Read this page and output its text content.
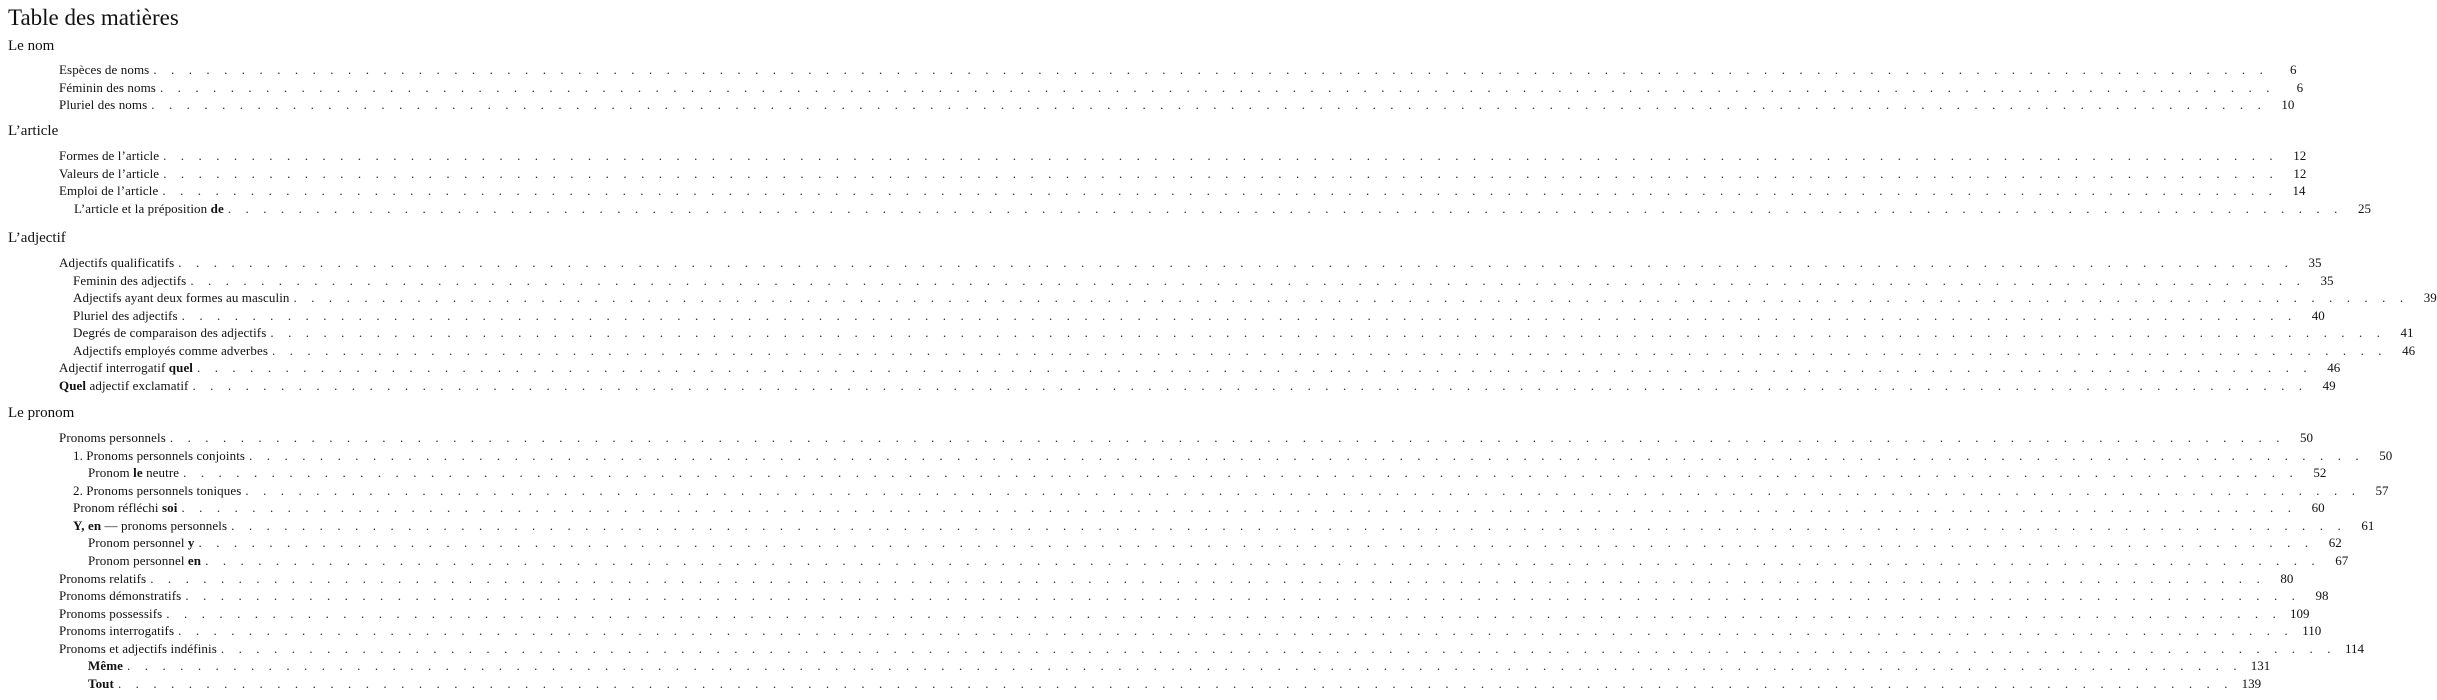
Table des matières
Le nom
Espèces de noms . . . . . . . . . . . . . . . . . . . . . . . . . . . . . . . . . . . . . . . . . . . . . . . . . . . . . . . . . . . . . . . . . . . . . . . . . . . . . . . . . . . . . . . . . . . . . . . . . . . . . . . . . . . . . . . . . . . . . . . .	6
Féminin des noms . . . . . . . . . . . . . . . . . . . . . . . . . . . . . . . . . . . . . . . . . . . . . . . . . . . . . . . . . . . . . . . . . . . . . . . . . . . . . . . . . . . . . . . . . . . . . . . . . . . . . . . . . . . . . . . . . . . . . . . .	6
Pluriel des noms . . . . . . . . . . . . . . . . . . . . . . . . . . . . . . . . . . . . . . . . . . . . . . . . . . . . . . . . . . . . . . . . . . . . . . . . . . . . . . . . . . . . . . . . . . . . . . . . . . . . . . . . . . . . . . . . . . . . . . . .	10
L’article
Formes de l’article . . . . . . . . . . . . . . . . . . . . . . . . . . . . . . . . . . . . . . . . . . . . . . . . . . . . . . . . . . . . . . . . . . . . . . . . . . . . . . . . . . . . . . . . . . . . . . . . . . . . . . . . . . . . . . . . . . . . . . . .	12
Valeurs de l’article . . . . . . . . . . . . . . . . . . . . . . . . . . . . . . . . . . . . . . . . . . . . . . . . . . . . . . . . . . . . . . . . . . . . . . . . . . . . . . . . . . . . . . . . . . . . . . . . . . . . . . . . . . . . . . . . . . . . . . . .	12
Emploi de l’article . . . . . . . . . . . . . . . . . . . . . . . . . . . . . . . . . . . . . . . . . . . . . . . . . . . . . . . . . . . . . . . . . . . . . . . . . . . . . . . . . . . . . . . . . . . . . . . . . . . . . . . . . . . . . . . . . . . . . . . .	14
L’article et la préposition de . . . . . . . . . . . . . . . . . . . . . . . . . . . . . . . . . . . . . . . . . . . . . . . . . . . . . . . . . . . . . . . . . . . . . . . . . . . . . . . . . . . . . . . . . . . . . . . . . . . . . . . . . . . . . . . . . . . . . . . .	25
L’adjectif
Adjectifs qualificatifs . . . . . . . . . . . . . . . . . . . . . . . . . . . . . . . . . . . . . . . . . . . . . . . . . . . . . . . . . . . . . . . . . . . . . . . . . . . . . . . . . . . . . . . . . . . . . . . . . . . . . . . . . . . . . . . . . . . . . . . .	35
Feminin des adjectifs . . . . . . . . . . . . . . . . . . . . . . . . . . . . . . . . . . . . . . . . . . . . . . . . . . . . . . . . . . . . . . . . . . . . . . . . . . . . . . . . . . . . . . . . . . . . . . . . . . . . . . . . . . . . . . . . . . . . . . . .	35
Adjectifs ayant deux formes au masculin . . . . . . . . . . . . . . . . . . . . . . . . . . . . . . . . . . . . . . . . . . . . . . . . . . . . . . . . . . . . . . . . . . . . . . . . . . . . . . . . . . . . . . . . . . . . . . . . . . . . . . . . . . . . . . . . . . . . . . . .	39
Pluriel des adjectifs . . . . . . . . . . . . . . . . . . . . . . . . . . . . . . . . . . . . . . . . . . . . . . . . . . . . . . . . . . . . . . . . . . . . . . . . . . . . . . . . . . . . . . . . . . . . . . . . . . . . . . . . . . . . . . . . . . . . . . . .	40
Degrés de comparaison des adjectifs . . . . . . . . . . . . . . . . . . . . . . . . . . . . . . . . . . . . . . . . . . . . . . . . . . . . . . . . . . . . . . . . . . . . . . . . . . . . . . . . . . . . . . . . . . . . . . . . . . . . . . . . . . . . . . . . . . . . . . . .	41
Adjectifs employés comme adverbes . . . . . . . . . . . . . . . . . . . . . . . . . . . . . . . . . . . . . . . . . . . . . . . . . . . . . . . . . . . . . . . . . . . . . . . . . . . . . . . . . . . . . . . . . . . . . . . . . . . . . . . . . . . . . . . . . . . . . . . .	46
Adjectif interrogatif quel . . . . . . . . . . . . . . . . . . . . . . . . . . . . . . . . . . . . . . . . . . . . . . . . . . . . . . . . . . . . . . . . . . . . . . . . . . . . . . . . . . . . . . . . . . . . . . . . . . . . . . . . . . . . . . . . . . . . . . . .	46
Quel adjectif exclamatif . . . . . . . . . . . . . . . . . . . . . . . . . . . . . . . . . . . . . . . . . . . . . . . . . . . . . . . . . . . . . . . . . . . . . . . . . . . . . . . . . . . . . . . . . . . . . . . . . . . . . . . . . . . . . . . . . . . . . . . .	49
Le pronom
Pronoms personnels . . . . . . . . . . . . . . . . . . . . . . . . . . . . . . . . . . . . . . . . . . . . . . . . . . . . . . . . . . . . . . . . . . . . . . . . . . . . . . . . . . . . . . . . . . . . . . . . . . . . . . . . . . . . . . . . . . . . . . . .	50
1. Pronoms personnels conjoints . . . . . . . . . . . . . . . . . . . . . . . . . . . . . . . . . . . . . . . . . . . . . . . . . . . . . . . . . . . . . . . . . . . . . . . . . . . . . . . . . . . . . . . . . . . . . . . . . . . . . . . . . . . . . . . . . . . . . . . .	50
Pronom le neutre . . . . . . . . . . . . . . . . . . . . . . . . . . . . . . . . . . . . . . . . . . . . . . . . . . . . . . . . . . . . . . . . . . . . . . . . . . . . . . . . . . . . . . . . . . . . . . . . . . . . . . . . . . . . . . . . . . . . . . . .	52
2. Pronoms personnels toniques . . . . . . . . . . . . . . . . . . . . . . . . . . . . . . . . . . . . . . . . . . . . . . . . . . . . . . . . . . . . . . . . . . . . . . . . . . . . . . . . . . . . . . . . . . . . . . . . . . . . . . . . . . . . . . . . . . . . . . . .	57
Pronom réfléchi soi . . . . . . . . . . . . . . . . . . . . . . . . . . . . . . . . . . . . . . . . . . . . . . . . . . . . . . . . . . . . . . . . . . . . . . . . . . . . . . . . . . . . . . . . . . . . . . . . . . . . . . . . . . . . . . . . . . . . . . . .	60
Y, en — pronoms personnels . . . . . . . . . . . . . . . . . . . . . . . . . . . . . . . . . . . . . . . . . . . . . . . . . . . . . . . . . . . . . . . . . . . . . . . . . . . . . . . . . . . . . . . . . . . . . . . . . . . . . . . . . . . . . . . . . . . . . . . .	61
Pronom personnel y . . . . . . . . . . . . . . . . . . . . . . . . . . . . . . . . . . . . . . . . . . . . . . . . . . . . . . . . . . . . . . . . . . . . . . . . . . . . . . . . . . . . . . . . . . . . . . . . . . . . . . . . . . . . . . . . . . . . . . . .	62
Pronom personnel en . . . . . . . . . . . . . . . . . . . . . . . . . . . . . . . . . . . . . . . . . . . . . . . . . . . . . . . . . . . . . . . . . . . . . . . . . . . . . . . . . . . . . . . . . . . . . . . . . . . . . . . . . . . . . . . . . . . . . . . .	67
Pronoms relatifs . . . . . . . . . . . . . . . . . . . . . . . . . . . . . . . . . . . . . . . . . . . . . . . . . . . . . . . . . . . . . . . . . . . . . . . . . . . . . . . . . . . . . . . . . . . . . . . . . . . . . . . . . . . . . . . . . . . . . . . .	80
Pronoms démonstratifs . . . . . . . . . . . . . . . . . . . . . . . . . . . . . . . . . . . . . . . . . . . . . . . . . . . . . . . . . . . . . . . . . . . . . . . . . . . . . . . . . . . . . . . . . . . . . . . . . . . . . . . . . . . . . . . . . . . . . . . .	98
Pronoms possessifs . . . . . . . . . . . . . . . . . . . . . . . . . . . . . . . . . . . . . . . . . . . . . . . . . . . . . . . . . . . . . . . . . . . . . . . . . . . . . . . . . . . . . . . . . . . . . . . . . . . . . . . . . . . . . . . . . . . . . . . . 109
Pronoms interrogatifs . . . . . . . . . . . . . . . . . . . . . . . . . . . . . . . . . . . . . . . . . . . . . . . . . . . . . . . . . . . . . . . . . . . . . . . . . . . . . . . . . . . . . . . . . . . . . . . . . . . . . . . . . . . . . . . . . . . . . . . . 110
Pronoms et adjectifs indéfinis . . . . . . . . . . . . . . . . . . . . . . . . . . . . . . . . . . . . . . . . . . . . . . . . . . . . . . . . . . . . . . . . . . . . . . . . . . . . . . . . . . . . . . . . . . . . . . . . . . . . . . . . . . . . . . . . . . . . . . . . 114
Même . . . . . . . . . . . . . . . . . . . . . . . . . . . . . . . . . . . . . . . . . . . . . . . . . . . . . . . . . . . . . . . . . . . . . . . . . . . . . . . . . . . . . . . . . . . . . . . . . . . . . . . . . . . . . . . . . . . . . . . . 131
Tout . . . . . . . . . . . . . . . . . . . . . . . . . . . . . . . . . . . . . . . . . . . . . . . . . . . . . . . . . . . . . . . . . . . . . . . . . . . . . . . . . . . . . . . . . . . . . . . . . . . . . . . . . . . . . . . . . . . . . . . . 139
